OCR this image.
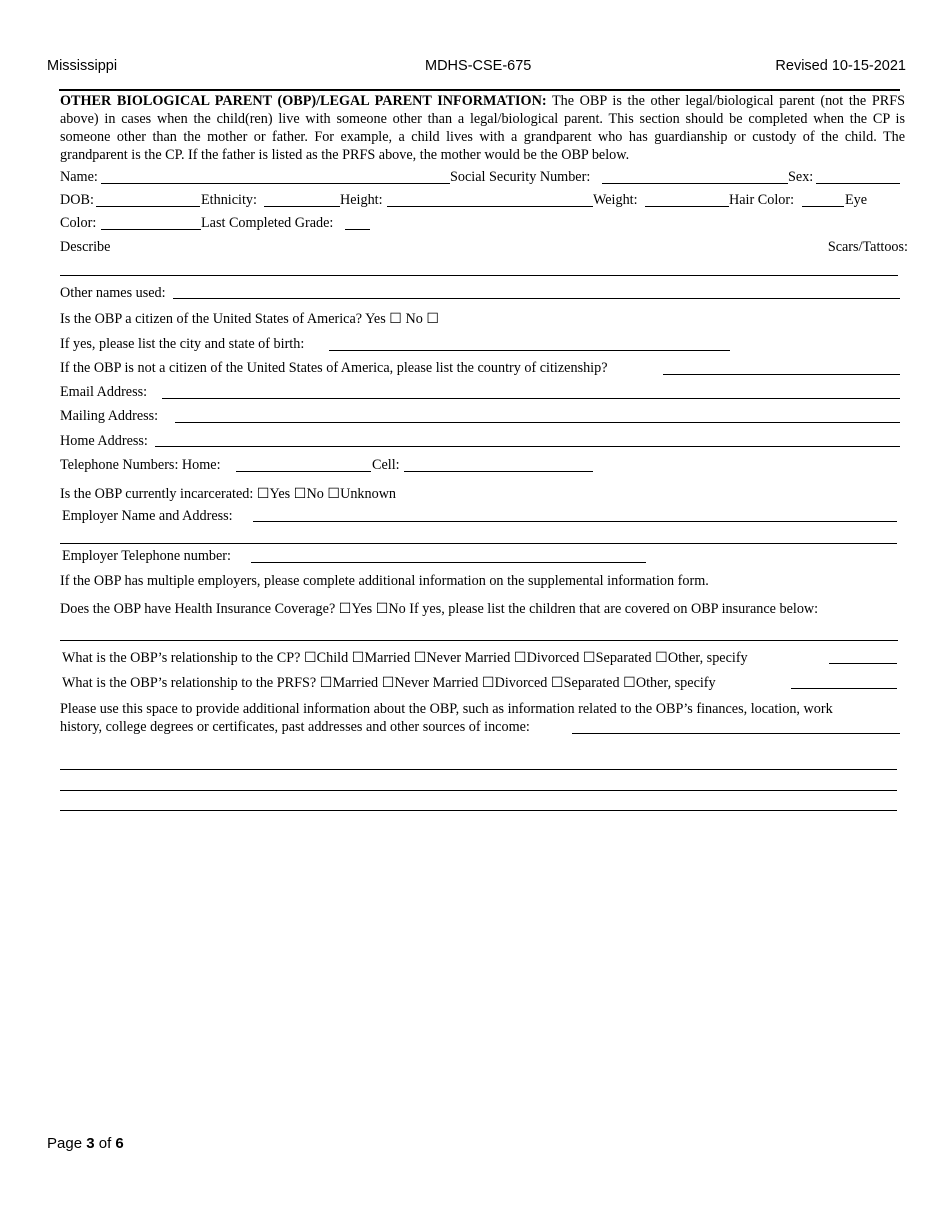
Mississippi	MDHS-CSE-675	Revised 10-15-2021
OTHER BIOLOGICAL PARENT (OBP)/LEGAL PARENT INFORMATION: The OBP is the other legal/biological parent (not the PRFS above) in cases when the child(ren) live with someone other than a legal/biological parent. This section should be completed when the CP is someone other than the mother or father. For example, a child lives with a grandparent who has guardianship or custody of the child. The grandparent is the CP. If the father is listed as the PRFS above, the mother would be the OBP below.
Name:	Social Security Number:	Sex:
DOB:	Ethnicity:	Height:	Weight:	Hair Color:	Eye
Color:	Last Completed Grade:
Describe	Scars/Tattoos:
Other names used:
Is the OBP a citizen of the United States of America? Yes ☐ No ☐
If yes, please list the city and state of birth:
If the OBP is not a citizen of the United States of America, please list the country of citizenship?
Email Address:
Mailing Address:
Home Address:
Telephone Numbers: Home:	Cell:
Is the OBP currently incarcerated: ☐Yes ☐No ☐Unknown
Employer Name and Address:
Employer Telephone number:
If the OBP has multiple employers, please complete additional information on the supplemental information form.
Does the OBP have Health Insurance Coverage? ☐Yes ☐No If yes, please list the children that are covered on OBP insurance below:
What is the OBP’s relationship to the CP? ☐Child ☐Married ☐Never Married ☐Divorced ☐Separated ☐Other, specify
What is the OBP’s relationship to the PRFS? ☐Married ☐Never Married ☐Divorced ☐Separated ☐Other, specify
Please use this space to provide additional information about the OBP, such as information related to the OBP’s finances, location, work
history, college degrees or certificates, past addresses and other sources of income:
Page 3 of 6
